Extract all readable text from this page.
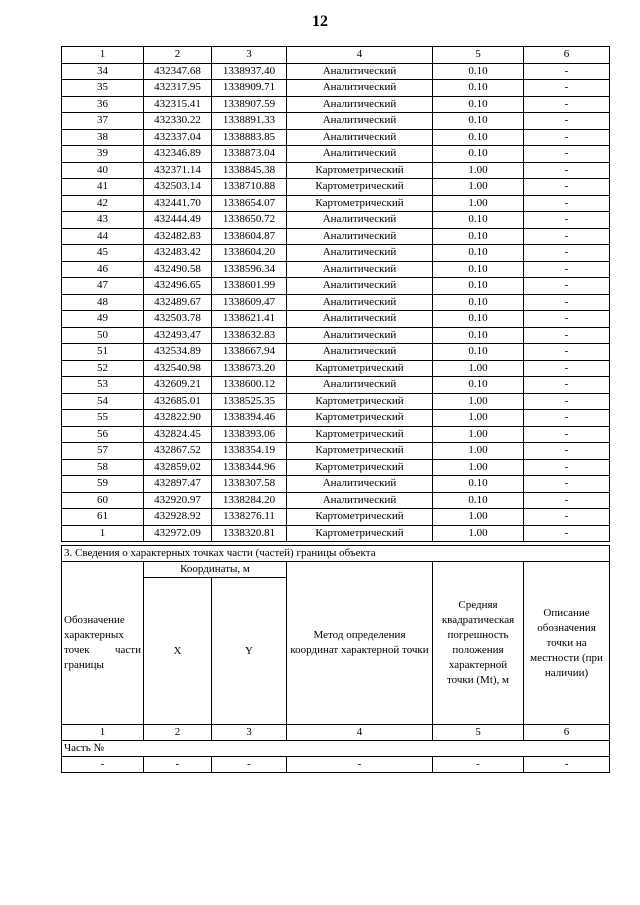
12
1	2	3	4	5	6
34	432347.68	1338937.40	Аналитический	0.10	-
35	432317.95	1338909.71	Аналитический	0.10	-
36	432315.41	1338907.59	Аналитический	0.10	-
37	432330.22	1338891.33	Аналитический	0.10	-
38	432337.04	1338883.85	Аналитический	0.10	-
39	432346.89	1338873.04	Аналитический	0.10	-
40	432371.14	1338845.38	Картометрический	1.00	-
41	432503.14	1338710.88	Картометрический	1.00	-
42	432441.70	1338654.07	Картометрический	1.00	-
43	432444.49	1338650.72	Аналитический	0.10	-
44	432482.83	1338604.87	Аналитический	0.10	-
45	432483.42	1338604.20	Аналитический	0.10	-
46	432490.58	1338596.34	Аналитический	0.10	-
47	432496.65	1338601.99	Аналитический	0.10	-
48	432489.67	1338609.47	Аналитический	0.10	-
49	432503.78	1338621.41	Аналитический	0.10	-
50	432493.47	1338632.83	Аналитический	0.10	-
51	432534.89	1338667.94	Аналитический	0.10	-
52	432540.98	1338673.20	Картометрический	1.00	-
53	432609.21	1338600.12	Аналитический	0.10	-
54	432685.01	1338525.35	Картометрический	1.00	-
55	432822.90	1338394.46	Картометрический	1.00	-
56	432824.45	1338393.06	Картометрический	1.00	-
57	432867.52	1338354.19	Картометрический	1.00	-
58	432859.02	1338344.96	Картометрический	1.00	-
59	432897.47	1338307.58	Аналитический	0.10	-
60	432920.97	1338284.20	Аналитический	0.10	-
61	432928.92	1338276.11	Картометрический	1.00	-
1	432972.09	1338320.81	Картометрический	1.00	-
3. Сведения о характерных точках части (частей) границы объекта					
Обозначение характерных точек части границы	Координаты, м		Метод определения координат характерной точки	Средняя квадратическая погрешность положения характерной точки (Mt), м	Описание обозначения точки на местности (при наличии)
	X	Y			
1	2	3	4	5	6
Часть №					
-	-	-	-	-	-
